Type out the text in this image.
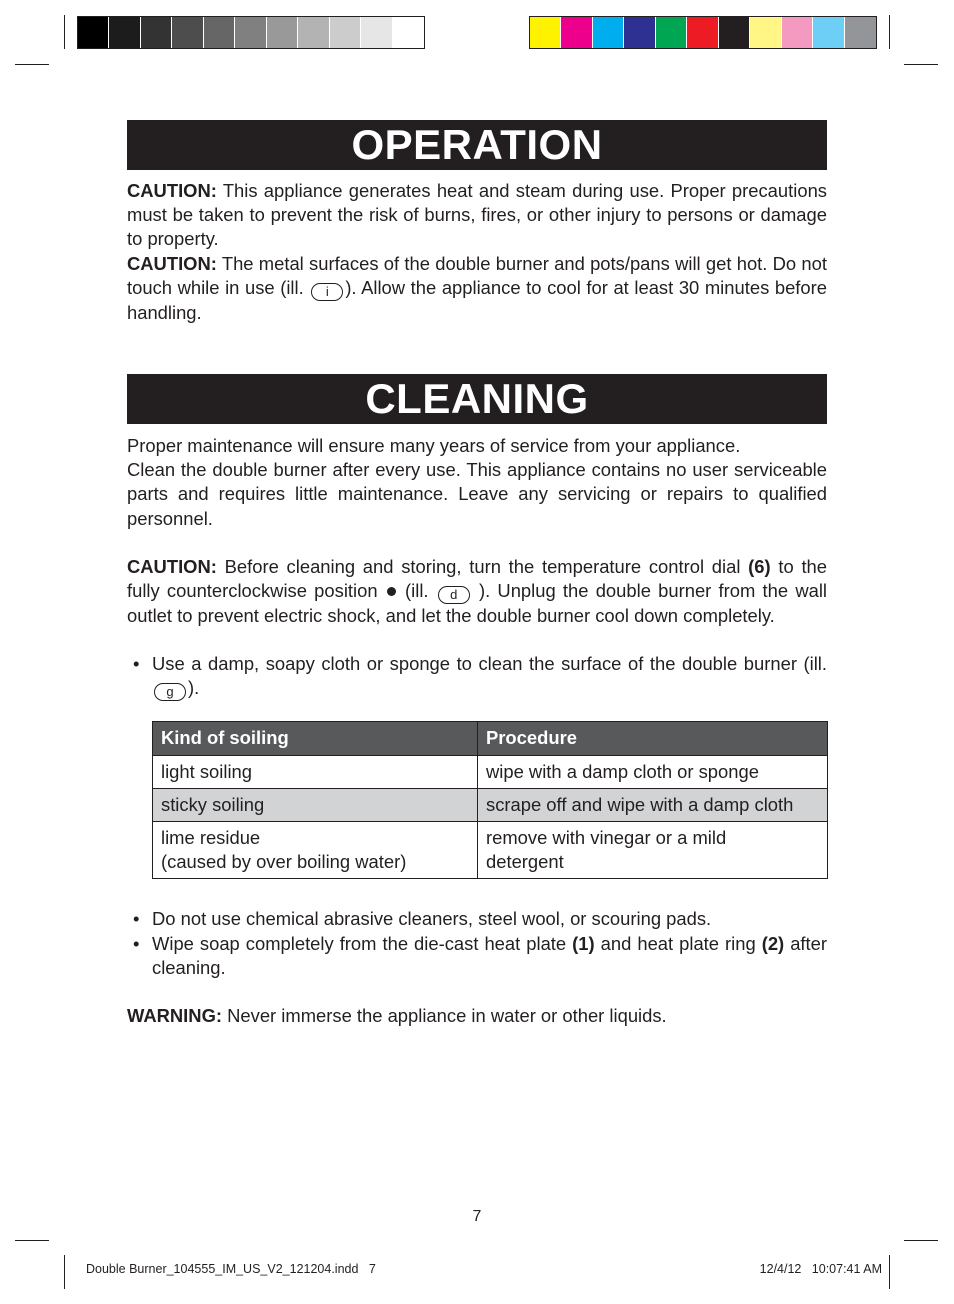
OPERATION

CAUTION: This appliance generates heat and steam during use. Proper precautions must be taken to prevent the risk of burns, fires, or other injury to persons or damage to property.

CAUTION: The metal surfaces of the double burner and pots/pans will get hot. Do not touch while in use (ill. i ). Allow the appliance to cool for at least 30 minutes before handling.

CLEANING

Proper maintenance will ensure many years of service from your appliance.

Clean the double burner after every use. This appliance contains no user serviceable parts and requires little maintenance. Leave any servicing or repairs to qualified personnel.

CAUTION: Before cleaning and storing, turn the temperature control dial (6) to the fully counterclockwise position  (ill. d ). Unplug the double burner from the wall outlet to prevent electric shock, and let the double burner cool down completely.

• Use a damp, soapy cloth or sponge to clean the surface of the double burner (ill. g ).
Kind of soiling	Procedure
light soiling	wipe with a damp cloth or sponge
sticky soiling	scrape off and wipe with a damp cloth
lime residue
(caused by over boiling water)	remove with vinegar or a mild detergent
• Do not use chemical abrasive cleaners, steel wool, or scouring pads.
• Wipe soap completely from the die-cast heat plate (1) and heat plate ring (2) after cleaning.

WARNING: Never immerse the appliance in water or other liquids.

7
Double Burner_104555_IM_US_V2_121204.indd   7	12/4/12   10:07:41 AM
